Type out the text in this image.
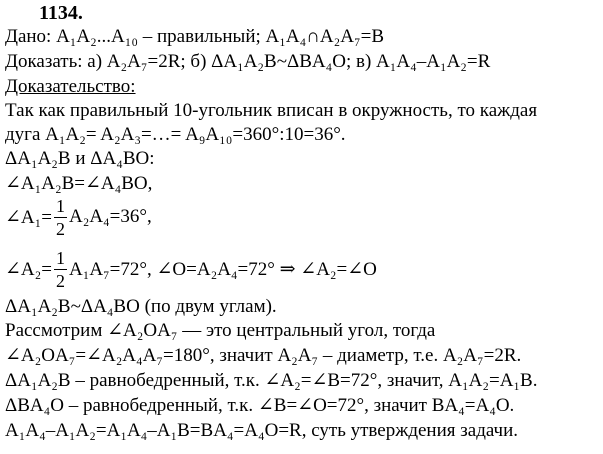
1134.
Дано: A₁A₂...A₁₀ – правильный; A₁A₄∩A₂A₇=B
Доказать: а) A₂A₇=2R; б) ΔA₁A₂B~ΔBA₄O; в) A₁A₄–A₁A₂=R
Доказательство:
Так как правильный 10-угольник вписан в окружность, то каждая
дуга A₁A₂= A₂A₃=…= A₉A₁₀=360°:10=36°.
ΔA₁A₂B и ΔA₄BO:
∠A₁A₂B=∠A₄BO,
∠A₁= $\frac{1}{2} A_2A_4=36^\circ$,
∠A₂= $\frac{1}{2} A_1A_7=72^\circ$, ∠O=A₂A₄=72° ⇒ ∠A₂=∠O
ΔA₁A₂B~ΔA₄BO (по двум углам).
Рассмотрим ∠A₂OA₇ — это центральный угол, тогда
∠A₂OA₇=∠A₂A₄A₇=180°, значит A₂A₇ – диаметр, т.е. A₂A₇=2R.
ΔA₁A₂B – равнобедренный, т.к. ∠A₂=∠B=72°, значит, A₁A₂=A₁B.
ΔBA₄O – равнобедренный, т.к. ∠B=∠O=72°, значит BA₄=A₄O.
A₁A₄–A₁A₂=A₁A₄–A₁B=BA₄=A₄O=R, суть утверждения задачи.
